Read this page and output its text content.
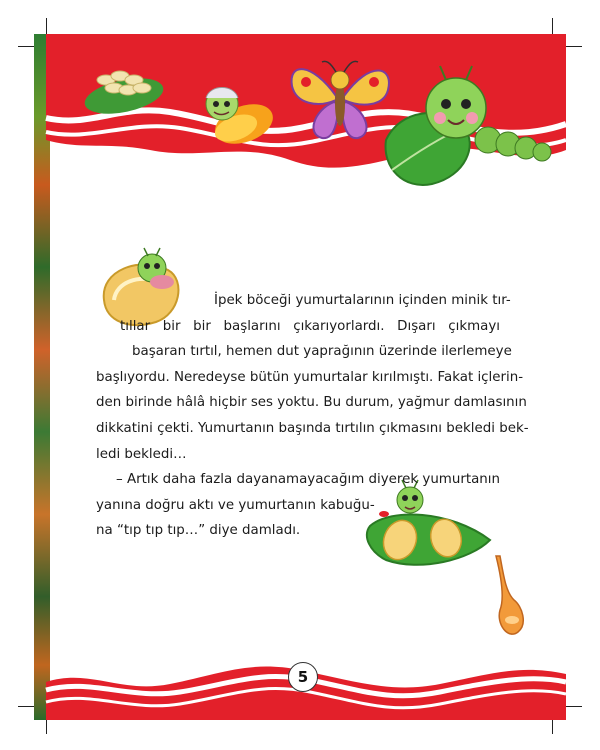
İpek böceği yumurtalarının içinden minik tır-
tıllar bir bir başlarını çıkarıyorlardı. Dışarı çıkmayı
başaran tırtıl, hemen dut yaprağının üzerinde ilerlemeye
başlıyordu. Neredeyse bütün yumurtalar kırılmıştı. Fakat içlerin-
den birinde hâlâ hiçbir ses yoktu. Bu durum, yağmur damlasının
dikkatini çekti. Yumurtanın başında tırtılın çıkmasını bekledi bek-
ledi bekledi…
– Artık daha fazla dayanamayacağım diyerek yumurtanın
yanına doğru aktı ve yumurtanın kabuğu-
na “tıp tıp tıp…” diye damladı.
5
